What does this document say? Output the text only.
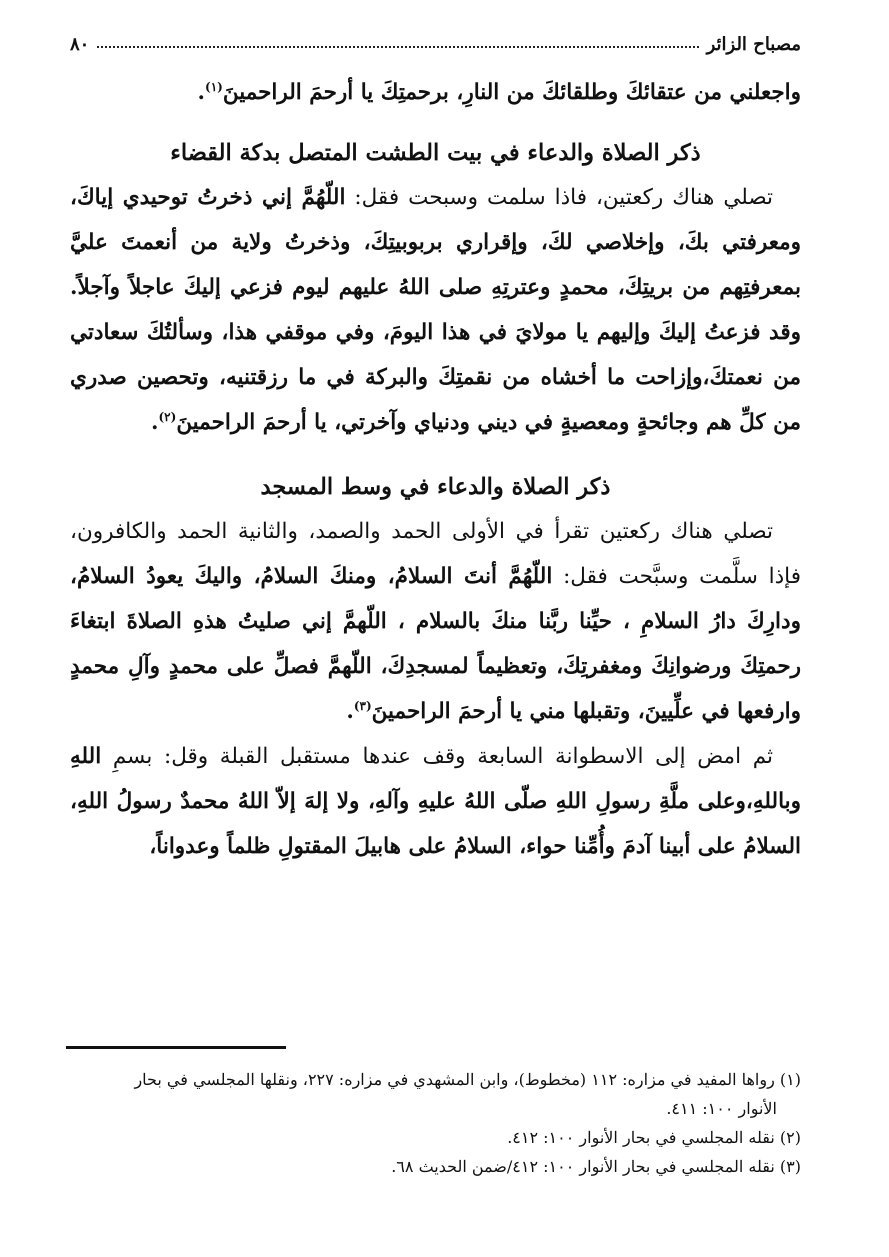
مصباح الزائر
٨٠

واجعلني من عتقائكَ وطلقائكَ من النارِ، برحمتِكَ يا أرحمَ الراحمينَ$^{(١)}$.

ذكر الصلاة والدعاء في بيت الطشت المتصل بدكة القضاء

تصلي هناك ركعتين، فاذا سلمت وسبحت فقل: اللّهُمَّ إني ذخرتُ توحيدي إياكَ، ومعرفتي بكَ، وإخلاصي لكَ، وإقراري بربوبيتِكَ، وذخرتُ ولاية من أنعمتَ عليَّ بمعرفتِهم من بريتِكَ، محمدٍ وعترتِهِ صلى اللهُ عليهم ليوم فزعي إليكَ عاجلاً وآجلاً. وقد فزعتُ إليكَ وإليهم يا مولايَ في هذا اليومَ، وفي موقفي هذا، وسألتُكَ سعادتي من نعمتكَ،وإزاحت ما أخشاه من نقمتِكَ والبركة في ما رزقتنيه، وتحصين صدري من كلِّ هم وجائحةٍ ومعصيةٍ في ديني ودنياي وآخرتي، يا أرحمَ الراحمينَ$^{(٢)}$.

ذكر الصلاة والدعاء في وسط المسجد

تصلي هناك ركعتين تقرأ في الأولى الحمد والصمد، والثانية الحمد والكافرون، فإذا سلَّمت وسبَّحت فقل: اللّهُمَّ أنتَ السلامُ، ومنكَ السلامُ، واليكَ يعودُ السلامُ، ودارِكَ دارُ السلامِ ، حيِّنا ربَّنا منكَ بالسلام ، اللّهمَّ إني صليتُ هذهِ الصلاةَ ابتغاءَ رحمتِكَ ورضوانِكَ ومغفرتِكَ، وتعظيماً لمسجدِكَ، اللّهمَّ فصلِّ على محمدٍ وآلِ محمدٍ وارفعها في علِّيينَ، وتقبلها مني يا أرحمَ الراحمينَ$^{(٣)}$.

ثم امض إلى الاسطوانة السابعة وقف عندها مستقبل القبلة وقل: بسمِ اللهِ وباللهِ،وعلى ملَّةِ رسولِ اللهِ صلّى اللهُ عليهِ وآلهِ، ولا إلهَ إلاّ اللهُ محمدٌ رسولُ اللهِ، السلامُ على أبينا آدمَ وأُمِّنا حواء، السلامُ على هابيلَ المقتولِ ظلماً وعدواناً،

(١) رواها المفيد في مزاره: ١١٢ (مخطوط)، وابن المشهدي في مزاره: ٢٢٧، ونقلها المجلسي في بحار

الأنوار ١٠٠: ٤١١.

(٢) نقله المجلسي في بحار الأنوار ١٠٠: ٤١٢.

(٣) نقله المجلسي في بحار الأنوار ١٠٠: ٤١٢/ضمن الحديث ٦٨.
